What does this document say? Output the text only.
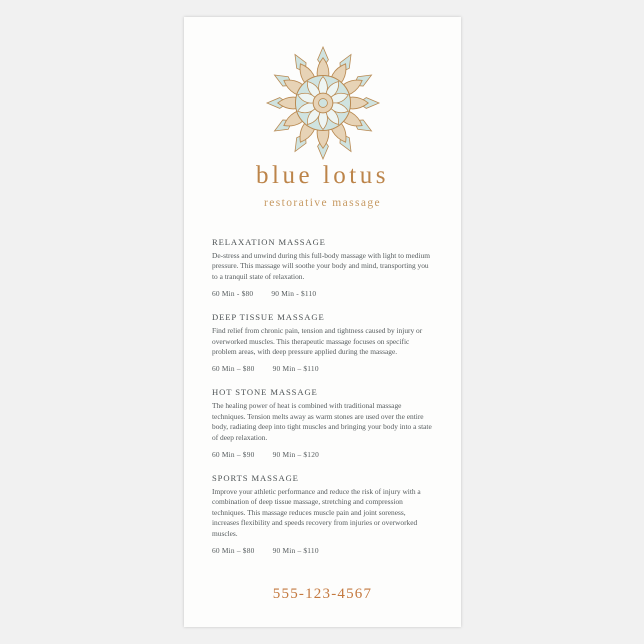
blue lotus
restorative massage
RELAXATION MASSAGE
De-stress and unwind during this full-body massage with light to medium pressure. This massage will soothe your body and mind, transporting you to a tranquil state of relaxation.
60 Min - $80 90 Min - $110
DEEP TISSUE MASSAGE
Find relief from chronic pain, tension and tightness caused by injury or overworked muscles. This therapeutic massage focuses on specific problem areas, with deep pressure applied during the massage.
60 Min – $80 90 Min – $110
HOT STONE MASSAGE
The healing power of heat is combined with traditional massage techniques. Tension melts away as warm stones are used over the entire body, radiating deep into tight muscles and bringing your body into a state of deep relaxation.
60 Min – $90 90 Min – $120
SPORTS MASSAGE
Improve your athletic performance and reduce the risk of injury with a combination of deep tissue massage, stretching and compression techniques. This massage reduces muscle pain and joint soreness, increases flexibility and speeds recovery from injuries or overworked muscles.
60 Min – $80 90 Min – $110
555-123-4567
